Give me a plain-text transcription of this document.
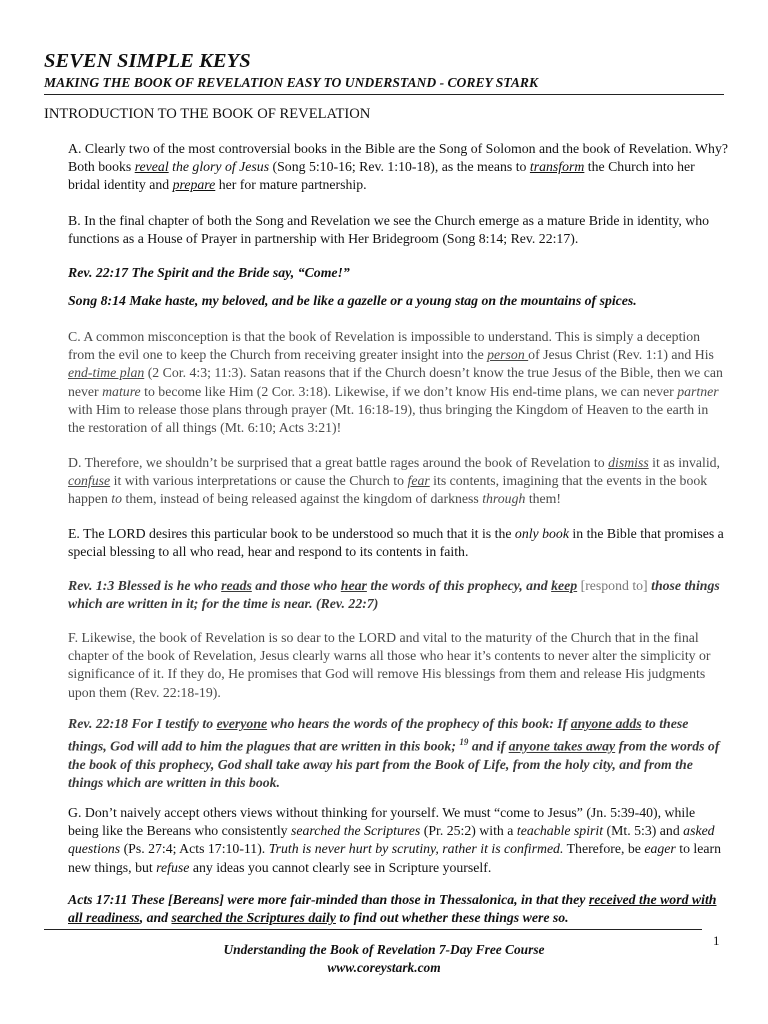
SEVEN SIMPLE KEYS
MAKING THE BOOK OF REVELATION EASY TO UNDERSTAND - COREY STARK
INTRODUCTION TO THE BOOK OF REVELATION

A. Clearly two of the most controversial books in the Bible are the Song of Solomon and the book of Revelation. Why? Both books reveal the glory of Jesus (Song 5:10-16; Rev. 1:10-18), as the means to transform the Church into her bridal identity and prepare her for mature partnership.

B. In the final chapter of both the Song and Revelation we see the Church emerge as a mature Bride in identity, who functions as a House of Prayer in partnership with Her Bridegroom (Song 8:14; Rev. 22:17).

Rev. 22:17 The Spirit and the Bride say, “Come!”

Song 8:14 Make haste, my beloved, and be like a gazelle or a young stag on the mountains of spices.

C. A common misconception is that the book of Revelation is impossible to understand. This is simply a deception from the evil one to keep the Church from receiving greater insight into the person of Jesus Christ (Rev. 1:1) and His end-time plan (2 Cor. 4:3; 11:3). Satan reasons that if the Church doesn’t know the true Jesus of the Bible, then we can never mature to become like Him (2 Cor. 3:18). Likewise, if we don’t know His end-time plans, we can never partner with Him to release those plans through prayer (Mt. 16:18-19), thus bringing the Kingdom of Heaven to the earth in the restoration of all things (Mt. 6:10; Acts 3:21)!

D. Therefore, we shouldn’t be surprised that a great battle rages around the book of Revelation to dismiss it as invalid, confuse it with various interpretations or cause the Church to fear its contents, imagining that the events in the book happen to them, instead of being released against the kingdom of darkness through them!

E. The LORD desires this particular book to be understood so much that it is the only book in the Bible that promises a special blessing to all who read, hear and respond to its contents in faith.

Rev. 1:3 Blessed is he who reads and those who hear the words of this prophecy, and keep [respond to] those things which are written in it; for the time is near. (Rev. 22:7)

F. Likewise, the book of Revelation is so dear to the LORD and vital to the maturity of the Church that in the final chapter of the book of Revelation, Jesus clearly warns all those who hear it’s contents to never alter the simplicity or significance of it. If they do, He promises that God will remove His blessings from them and release His judgments upon them (Rev. 22:18-19).

Rev. 22:18 For I testify to everyone who hears the words of the prophecy of this book: If anyone adds to these things, God will add to him the plagues that are written in this book; $^{19}$ and if anyone takes away from the words of the book of this prophecy, God shall take away his part from the Book of Life, from the holy city, and from the things which are written in this book.

G. Don’t naively accept others views without thinking for yourself. We must “come to Jesus” (Jn. 5:39-40), while being like the Bereans who consistently searched the Scriptures (Pr. 25:2) with a teachable spirit (Mt. 5:3) and asked questions (Ps. 27:4; Acts 17:10-11). Truth is never hurt by scrutiny, rather it is confirmed. Therefore, be eager to learn new things, but refuse any ideas you cannot clearly see in Scripture yourself.

Acts 17:11 These [Bereans] were more fair-minded than those in Thessalonica, in that they received the word with all readiness, and searched the Scriptures daily to find out whether these things were so.

1
Understanding the Book of Revelation 7-Day Free Course
www.coreystark.com
